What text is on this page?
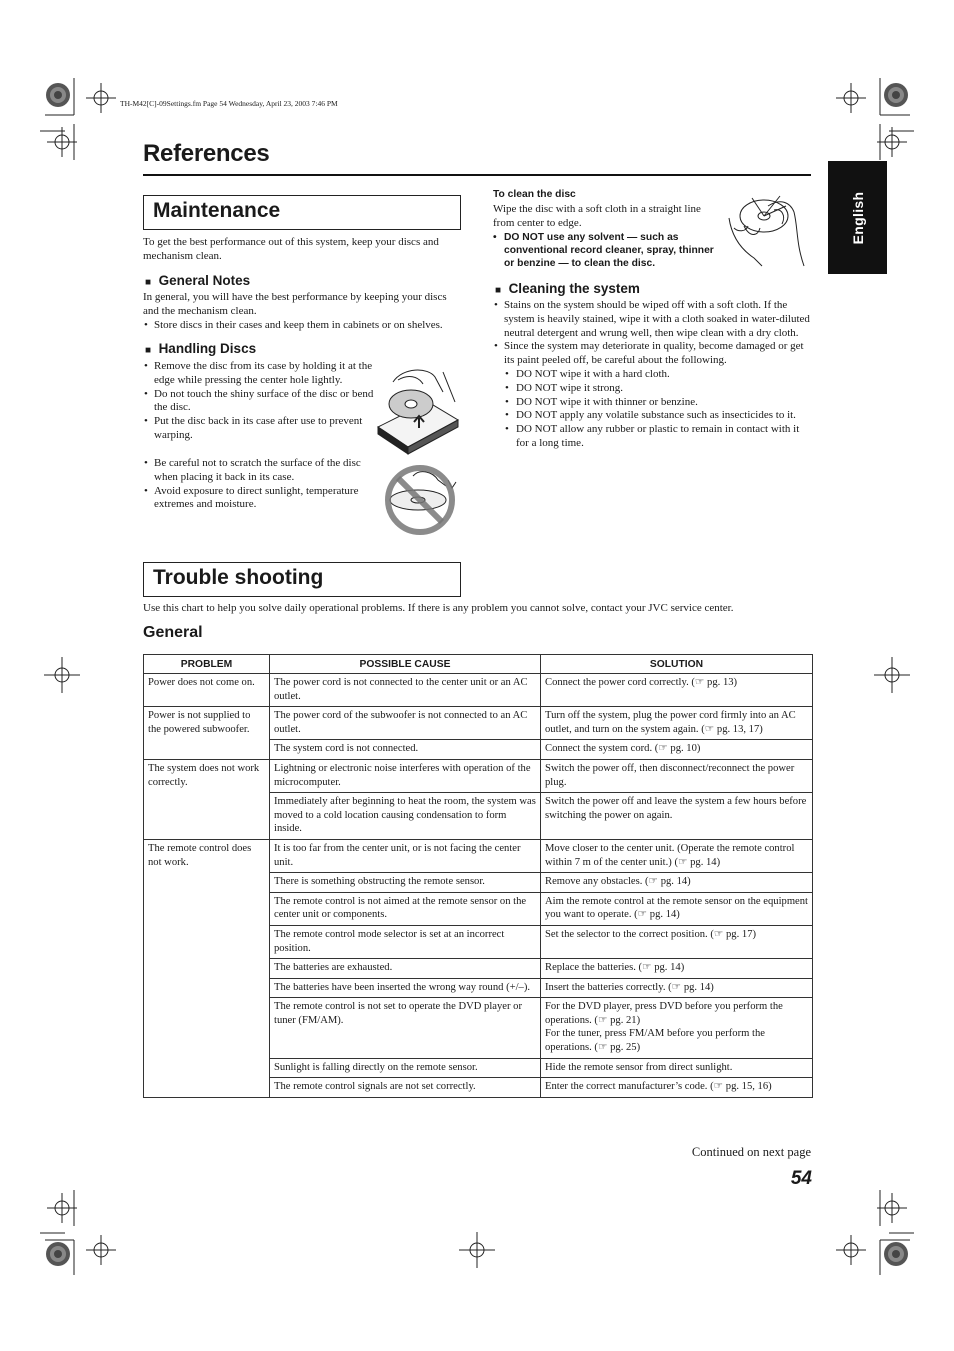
TH-M42[C]-09Settings.fm Page 54 Wednesday, April 23, 2003 7:46 PM
References
English
Maintenance
To get the best performance out of this system, keep your discs and mechanism clean.
■ General Notes
In general, you will have the best performance by keeping your discs and the mechanism clean.
• Store discs in their cases and keep them in cabinets or on shelves.
■ Handling Discs
• Remove the disc from its case by holding it at the edge while pressing the center hole lightly.
• Do not touch the shiny surface of the disc or bend the disc.
• Put the disc back in its case after use to prevent warping.
• Be careful not to scratch the surface of the disc when placing it back in its case.
• Avoid exposure to direct sunlight, temperature extremes and moisture.
To clean the disc
Wipe the disc with a soft cloth in a straight line from center to edge.
• DO NOT use any solvent — such as conventional record cleaner, spray, thinner or benzine — to clean the disc.
■ Cleaning the system
• Stains on the system should be wiped off with a soft cloth. If the system is heavily stained, wipe it with a cloth soaked in water-diluted neutral detergent and wrung well, then wipe clean with a dry cloth.
• Since the system may deteriorate in quality, become damaged or get its paint peeled off, be careful about the following.
• DO NOT wipe it with a hard cloth.
• DO NOT wipe it strong.
• DO NOT wipe it with thinner or benzine.
• DO NOT apply any volatile substance such as insecticides to it.
• DO NOT allow any rubber or plastic to remain in contact with it for a long time.
Trouble shooting
Use this chart to help you solve daily operational problems. If there is any problem you cannot solve, contact your JVC service center.
General
PROBLEM	POSSIBLE CAUSE	SOLUTION
Power does not come on.	The power cord is not connected to the center unit or an AC outlet.	Connect the power cord correctly. (☞ pg. 13)
Power is not supplied to the powered subwoofer.	The power cord of the subwoofer is not connected to an AC outlet.	Turn off the system, plug the power cord firmly into an AC outlet, and turn on the system again. (☞ pg. 13, 17)
	The system cord is not connected.	Connect the system cord. (☞ pg. 10)
The system does not work correctly.	Lightning or electronic noise interferes with operation of the microcomputer.	Switch the power off, then disconnect/reconnect the power plug.
	Immediately after beginning to heat the room, the system was moved to a cold location causing condensation to form inside.	Switch the power off and leave the system a few hours before switching the power on again.
The remote control does not work.	It is too far from the center unit, or is not facing the center unit.	Move closer to the center unit. (Operate the remote control within 7 m of the center unit.) (☞ pg. 14)
	There is something obstructing the remote sensor.	Remove any obstacles. (☞ pg. 14)
	The remote control is not aimed at the remote sensor on the center unit or components.	Aim the remote control at the remote sensor on the equipment you want to operate. (☞ pg. 14)
	The remote control mode selector is set at an incorrect position.	Set the selector to the correct position. (☞ pg. 17)
	The batteries are exhausted.	Replace the batteries. (☞ pg. 14)
	The batteries have been inserted the wrong way round (+/–).	Insert the batteries correctly. (☞ pg. 14)
	The remote control is not set to operate the DVD player or tuner (FM/AM).	For the DVD player, press DVD before you perform the operations. (☞ pg. 21)
For the tuner, press FM/AM before you perform the operations. (☞ pg. 25)
	Sunlight is falling directly on the remote sensor.	Hide the remote sensor from direct sunlight.
	The remote control signals are not set correctly.	Enter the correct manufacturer’s code. (☞ pg. 15, 16)
Continued on next page
54
